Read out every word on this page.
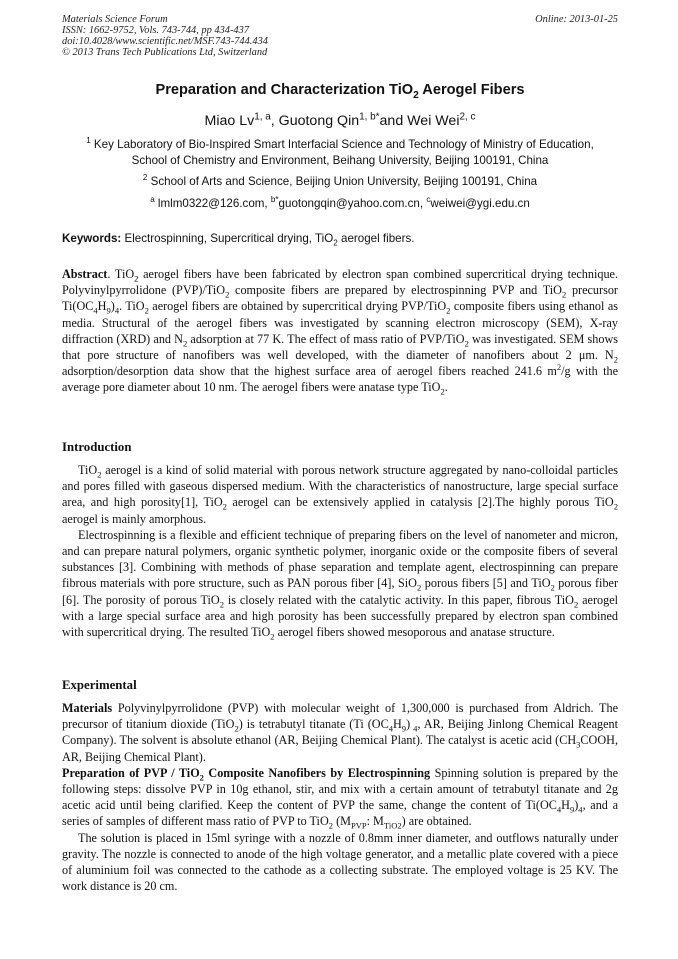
Materials Science Forum
ISSN: 1662-9752, Vols. 743-744, pp 434-437
doi:10.4028/www.scientific.net/MSF.743-744.434
© 2013 Trans Tech Publications Ltd, Switzerland
Online: 2013-01-25
Preparation and Characterization TiO$_2$ Aerogel Fibers
Miao Lv$^{1, a}$, Guotong Qin$^{1, b*}$and Wei Wei$^{2, c}$
$^1$ Key Laboratory of Bio-Inspired Smart Interfacial Science and Technology of Ministry of Education,
School of Chemistry and Environment, Beihang University, Beijing 100191, China
$^2$ School of Arts and Science, Beijing Union University, Beijing 100191, China
$^a$ lmlm0322@126.com, $^{b*}$guotongqin@yahoo.com.cn, $^c$weiwei@ygi.edu.cn
Keywords: Electrospinning, Supercritical drying, TiO$_2$ aerogel fibers.

Abstract. TiO$_2$ aerogel fibers have been fabricated by electron span combined supercritical drying technique. Polyvinylpyrrolidone (PVP)/TiO$_2$ composite fibers are prepared by electrospinning PVP and TiO$_2$ precursor $Ti(OC_4H_9)_4$. TiO$_2$ aerogel fibers are obtained by supercritical drying PVP/TiO$_2$ composite fibers using ethanol as media. Structural of the aerogel fibers was investigated by scanning electron microscopy (SEM), X-ray diffraction (XRD) and $N_2$ adsorption at 77 K. The effect of mass ratio of PVP/TiO$_2$ was investigated. SEM shows that pore structure of nanofibers was well developed, with the diameter of nanofibers about 2 μm. $N_2$ adsorption/desorption data show that the highest surface area of aerogel fibers reached 241.6 $m^2/g$ with the average pore diameter about 10 nm. The aerogel fibers were anatase type TiO$_2$.

Introduction

TiO$_2$ aerogel is a kind of solid material with porous network structure aggregated by nano-colloidal particles and pores filled with gaseous dispersed medium. With the characteristics of nanostructure, large special surface area, and high porosity[1], TiO$_2$ aerogel can be extensively applied in catalysis [2].The highly porous TiO$_2$ aerogel is mainly amorphous.

Electrospinning is a flexible and efficient technique of preparing fibers on the level of nanometer and micron, and can prepare natural polymers, organic synthetic polymer, inorganic oxide or the composite fibers of several substances [3]. Combining with methods of phase separation and template agent, electrospinning can prepare fibrous materials with pore structure, such as PAN porous fiber [4], SiO$_2$ porous fibers [5] and TiO$_2$ porous fiber [6]. The porosity of porous TiO$_2$ is closely related with the catalytic activity. In this paper, fibrous TiO$_2$ aerogel with a large special surface area and high porosity has been successfully prepared by electron span combined with supercritical drying. The resulted TiO$_2$ aerogel fibers showed mesoporous and anatase structure.

Experimental

Materials Polyvinylpyrrolidone (PVP) with molecular weight of 1,300,000 is purchased from Aldrich. The precursor of titanium dioxide (TiO$_2$) is tetrabutyl titanate (Ti $(OC_4H_9)$ $_4$, AR, Beijing Jinlong Chemical Reagent Company). The solvent is absolute ethanol (AR, Beijing Chemical Plant). The catalyst is acetic acid ($CH_3COOH$, AR, Beijing Chemical Plant).

Preparation of PVP / TiO$_2$ Composite Nanofibers by Electrospinning Spinning solution is prepared by the following steps: dissolve PVP in 10g ethanol, stir, and mix with a certain amount of tetrabutyl titanate and 2g acetic acid until being clarified. Keep the content of PVP the same, change the content of $Ti(OC_4H_9)_4$, and a series of samples of different mass ratio of PVP to TiO$_2$ ($M_{PVP}$: $M_{TiO2}$) are obtained.

The solution is placed in 15ml syringe with a nozzle of 0.8mm inner diameter, and outflows naturally under gravity. The nozzle is connected to anode of the high voltage generator, and a metallic plate covered with a piece of aluminium foil was connected to the cathode as a collecting substrate. The employed voltage is 25 KV. The work distance is 20 cm.
